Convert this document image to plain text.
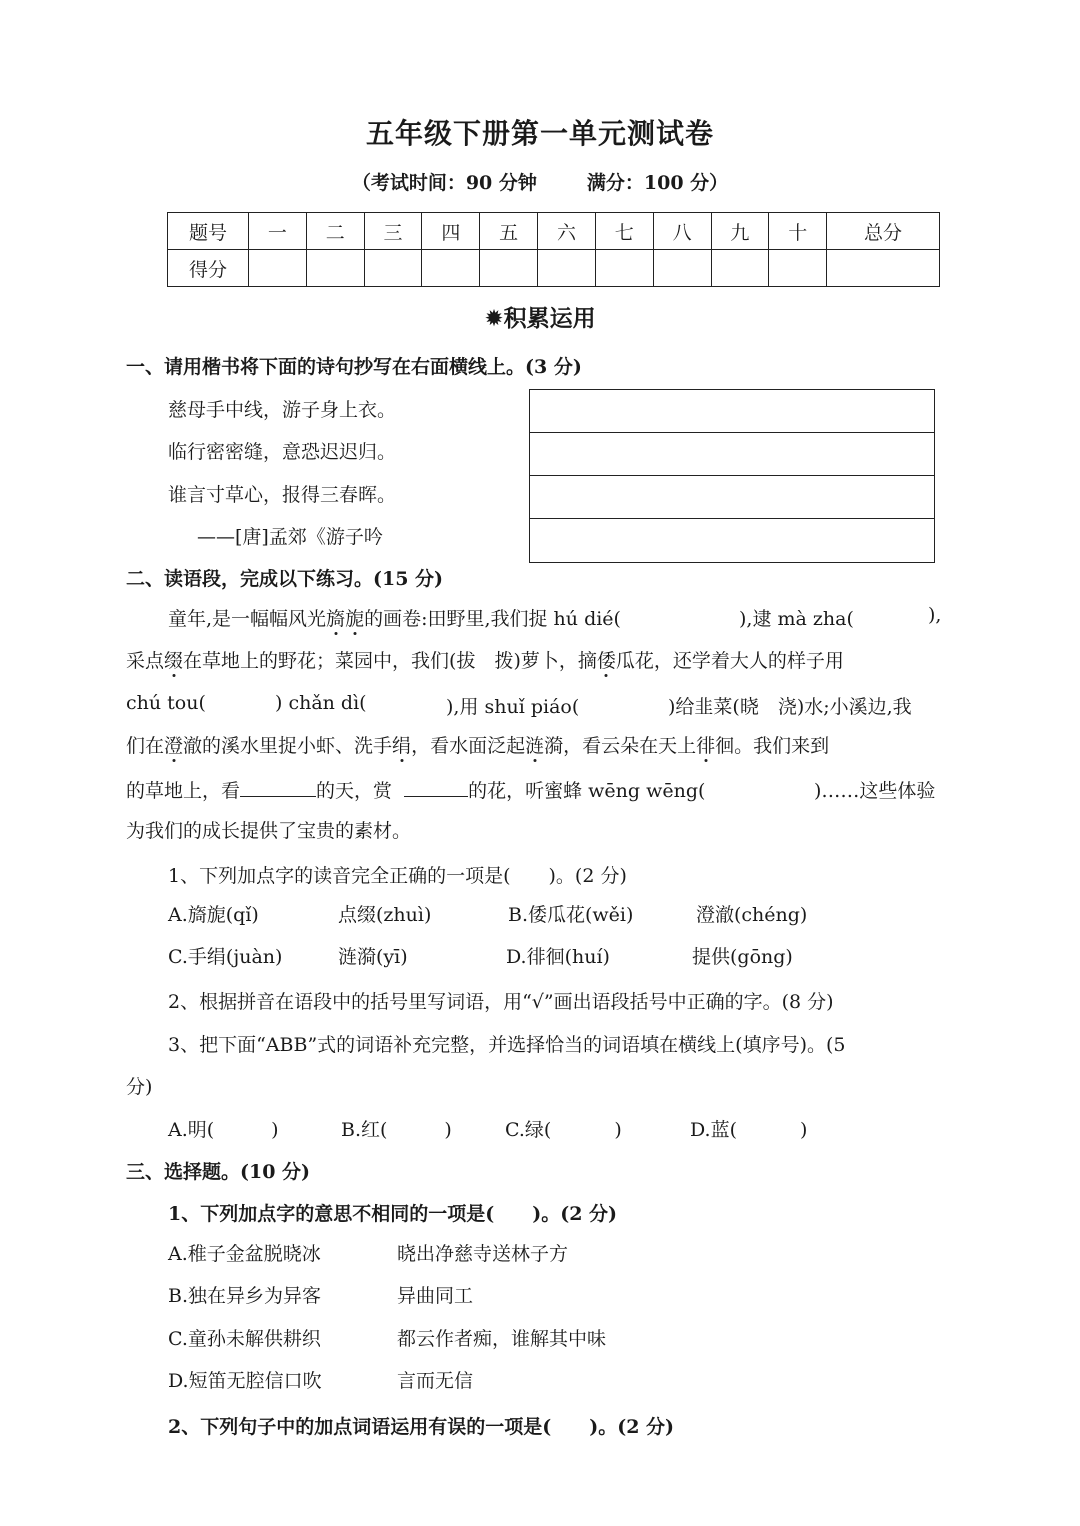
五年级下册第一单元测试卷
（考试时间：90 分钟	满分：100 分）
题号	一	二	三	四	五	六	七	八	九	十	总分
得分											
✹积累运用
一、请用楷书将下面的诗句抄写在右面横线上。(3 分)
慈母手中线，游子身上衣。
临行密密缝，意恐迟迟归。
谁言寸草心，报得三春晖。
——[唐]孟郊《游子吟
二、读语段，完成以下练习。(15 分)
童年,是一幅幅风光旖旎的画卷:田野里,我们捉 hú dié(	),逮 mà zha(	),
采点缀在草地上的野花；菜园中，我们(拔　拨)萝卜，摘倭瓜花，还学着大人的样子用
chú tou(	) chǎn dì(	),用 shuǐ piáo(	)给韭菜(晓　浇)水;小溪边,我
们在澄澈的溪水里捉小虾、洗手绢，看水面泛起涟漪，看云朵在天上徘徊。我们来到
的草地上，看	的天，赏	的花，听蜜蜂 wēng wēng(	)……这些体验
为我们的成长提供了宝贵的素材。
1、下列加点字的读音完全正确的一项是(　　)。(2 分)
A.旖旎(qǐ)	点缀(zhuì)	B.倭瓜花(wěi)	澄澈(chéng)
C.手绢(juàn)	涟漪(yī)	D.徘徊(huí)	提供(gōng)
2、根据拼音在语段中的括号里写词语，用“√”画出语段括号中正确的字。(8 分)
3、把下面“ABB”式的词语补充完整，并选择恰当的词语填在横线上(填序号)。(5
分)
A.明(　　　)	B.红(　　　)	C.绿(　　　 )	D.蓝(　　　 )
三、选择题。(10 分)
1、下列加点字的意思不相同的一项是(　　)。(2 分)
A.稚子金盆脱晓冰	晓出净慈寺送林子方
B.独在异乡为异客	异曲同工
C.童孙未解供耕织	都云作者痴，谁解其中味
D.短笛无腔信口吹	言而无信
2、下列句子中的加点词语运用有误的一项是(　　)。(2 分)
